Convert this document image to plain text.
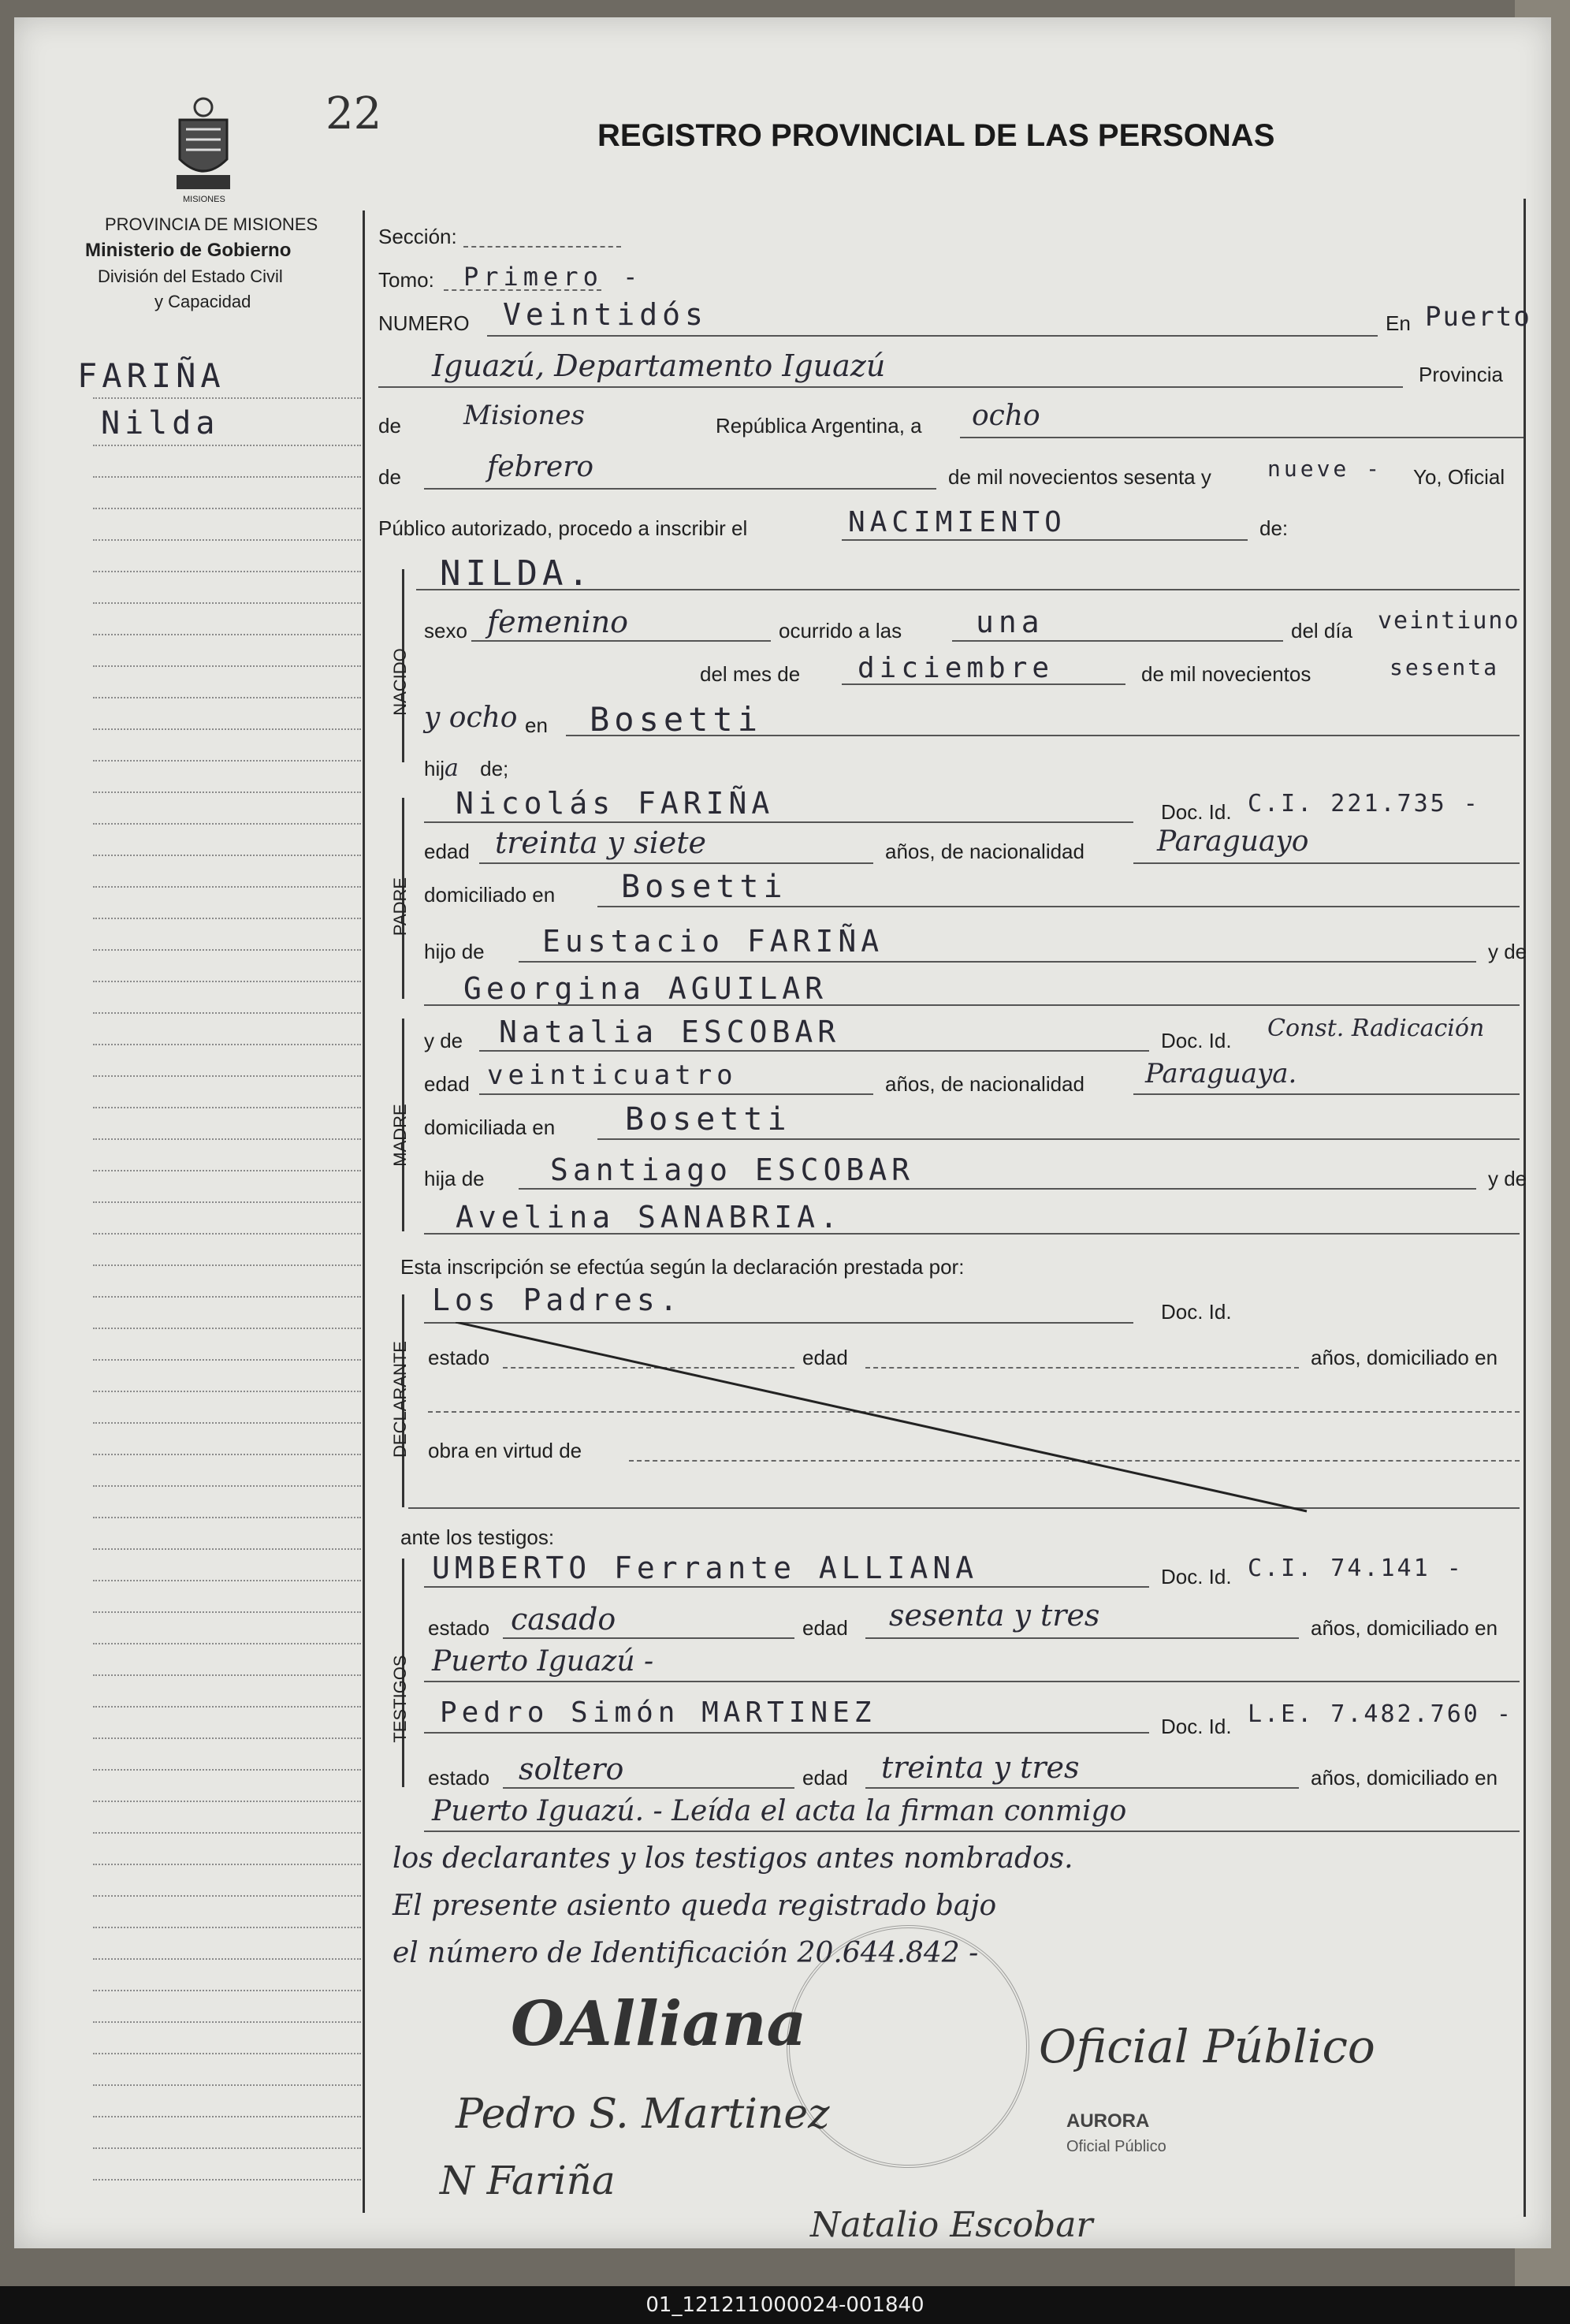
MISIONES
22	REGISTRO PROVINCIAL DE LAS PERSONAS
PROVINCIA DE MISIONES
Ministerio de Gobierno
División del Estado Civil
y Capacidad
FARIÑA
Nilda
Sección:
Tomo: Primero -
NUMERO Veintidós	En Puerto
Iguazú, Departamento Iguazú	Provincia
de Misiones	República Argentina, a ocho
de	febrero	de mil novecientos sesenta y	nueve - Yo, Oficial
Público autorizado, procedo a inscribir el	NACIMIENTO	de:
NACIDO
NILDA.
sexo femenino	ocurrido a las una	del día veintiuno
del mes de diciembre	de mil novecientos	sesenta
y ocho en Bosetti
hija de;
PADRE
Nicolás FARIÑA	Doc. Id. C.I. 221.735 -
edad treinta y siete	años, de nacionalidad	Paraguayo
domiciliado en Bosetti
hijo de Eustacio FARIÑA	y de
Georgina AGUILAR
MADRE
y de Natalia ESCOBAR	Doc. Id. Const. Radicación
edad veinticuatro	años, de nacionalidad Paraguaya.
domiciliada en Bosetti
hija de Santiago ESCOBAR	y de
Avelina SANABRIA.
Esta inscripción se efectúa según la declaración prestada por:
DECLARANTE
Los Padres.	Doc. Id.
estado	edad	años, domiciliado en
obra en virtud de
ante los testigos:
TESTIGOS
UMBERTO Ferrante ALLIANA	Doc. Id. C.I. 74.141 -
estado casado	edad sesenta y tres	años, domiciliado en
Puerto Iguazú -
Pedro Simón MARTINEZ	Doc. Id. L.E. 7.482.760 -
estado soltero	edad treinta y tres	años, domiciliado en
Puerto Iguazú. - Leída el acta la firman conmigo
los declarantes y los testigos antes nombrados.
El presente asiento queda registrado bajo
el número de Identificación 20.644.842 -
AURORA
Oficial Público
OAlliana
Pedro S. Martinez
N Fariña
Natalio Escobar
Oficial Público
01_121211000024-001840
